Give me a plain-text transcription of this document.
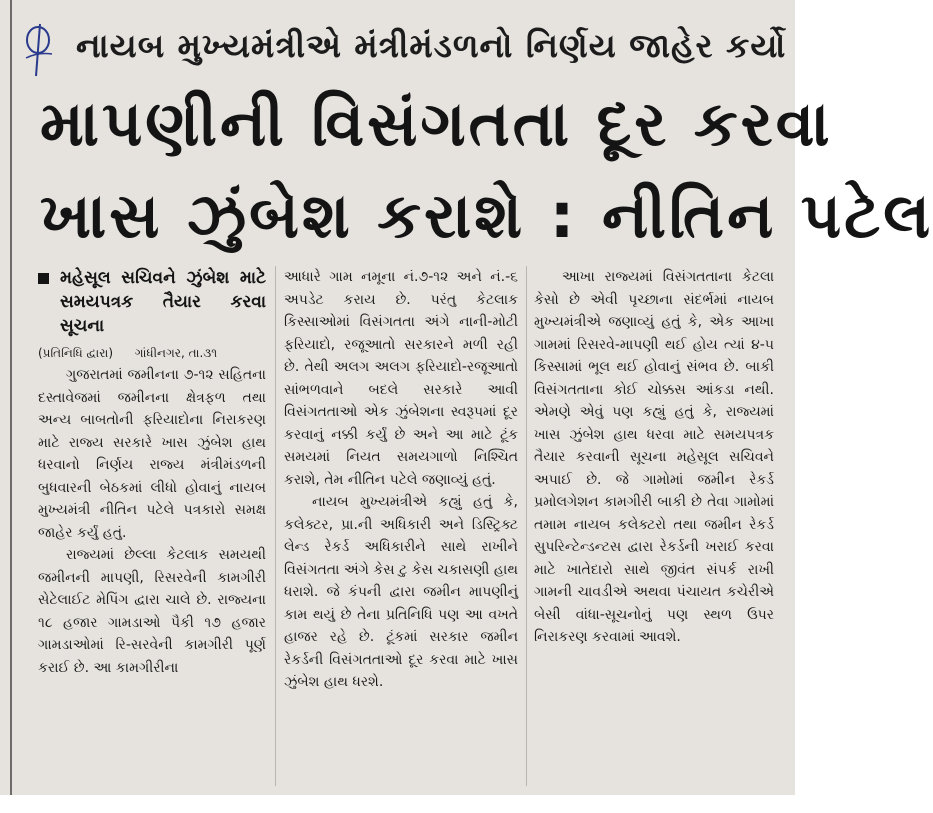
નાયબ મુખ્યમંત્રીએ મંત્રીમંડળનો નિર્ણય જાહેર કર્યો
માપણીની વિસંગતતા દૂર કરવા
ખાસ ઝુંબેશ કરાશે : નીતિન પટેલ
મહેસૂલ સચિવને ઝુંબેશ માટે સમયપત્રક તૈયાર કરવા સૂચના
(પ્રતિનિધિ દ્વારા) ગાંધીનગર, તા.૩૧

ગુજરાતમાં જમીનના ૭-૧૨ સહિતના દસ્તાવેજમાં જમીનના ક્ષેત્રફળ તથા અન્ય બાબતોની ફરિયાદોના નિરાકરણ માટે રાજ્ય સરકારે ખાસ ઝુંબેશ હાથ ધરવાનો નિર્ણય રાજ્ય મંત્રીમંડળની બુધવારની બેઠકમાં લીધો હોવાનું નાયબ મુખ્યમંત્રી નીતિન પટેલે પત્રકારો સમક્ષ જાહેર કર્યું હતું.

રાજ્યમાં છેલ્લા કેટલાક સમયથી જમીનની માપણી, રિસરવેની કામગીરી સેટેલાઈટ મેપિંગ દ્વારા ચાલે છે. રાજ્યના ૧૮ હજાર ગામડાઓ પૈકી ૧૭ હજાર ગામડાઓમાં રિ-સરવેની કામગીરી પૂર્ણ કરાઈ છે. આ કામગીરીના

આધારે ગામ નમૂના નં.૭-૧૨ અને નં.-૬ અપડેટ કરાય છે. પરંતુ કેટલાક કિસ્સાઓમાં વિસંગતતા અંગે નાની-મોટી ફરિયાદો, રજૂઆતો સરકારને મળી રહી છે. તેથી અલગ અલગ ફરિયાદો-રજૂઆતો સાંભળવાને બદલે સરકારે આવી વિસંગતતાઓ એક ઝુંબેશના સ્વરૂપમાં દૂર કરવાનું નક્કી કર્યું છે અને આ માટે ટૂંક સમયમાં નિયત સમયગાળો નિશ્ચિત કરાશે, તેમ નીતિન પટેલે જણાવ્યું હતું.

નાયબ મુખ્યમંત્રીએ કહ્યું હતું કે, કલેક્ટર, પ્રા.ની અધિકારી અને ડિસ્ટ્રિક્ટ લેન્ડ રેકર્ડ અધિકારીને સાથે રાખીને વિસંગતતા અંગે કેસ ટુ કેસ ચકાસણી હાથ ધરાશે. જે કંપની દ્વારા જમીન માપણીનું કામ થયું છે તેના પ્રતિનિધિ પણ આ વખતે હાજર રહે છે. ટૂંકમાં સરકાર જમીન રેકર્ડની વિસંગતતાઓ દૂર કરવા માટે ખાસ ઝુંબેશ હાથ ધરશે.

આખા રાજ્યમાં વિસંગતતાના કેટલા કેસો છે એવી પૃચ્છાના સંદર્ભમાં નાયબ મુખ્યમંત્રીએ જણાવ્યું હતું કે, એક આખા ગામમાં રિસરવે-માપણી થઈ હોય ત્યાં ૪-૫ કિસ્સામાં ભૂલ થઈ હોવાનું સંભવ છે. બાકી વિસંગતતાના કોઈ ચોક્કસ આંકડા નથી. એમણે એવું પણ કહ્યું હતું કે, રાજ્યમાં ખાસ ઝુંબેશ હાથ ધરવા માટે સમયપત્રક તૈયાર કરવાની સૂચના મહેસૂલ સચિવને અપાઈ છે. જે ગામોમાં જમીન રેકર્ડ પ્રમોલગેશન કામગીરી બાકી છે તેવા ગામોમાં તમામ નાયબ કલેક્ટરો તથા જમીન રેકર્ડ સુપરિન્ટેન્ડન્ટસ દ્વારા રેકર્ડની ખરાઈ કરવા માટે ખાતેદારો સાથે જીવંત સંપર્ક રાખી ગામની ચાવડીએ અથવા પંચાયત કચેરીએ બેસી વાંધા-સૂચનોનું પણ સ્થળ ઉપર નિરાકરણ કરવામાં આવશે.
